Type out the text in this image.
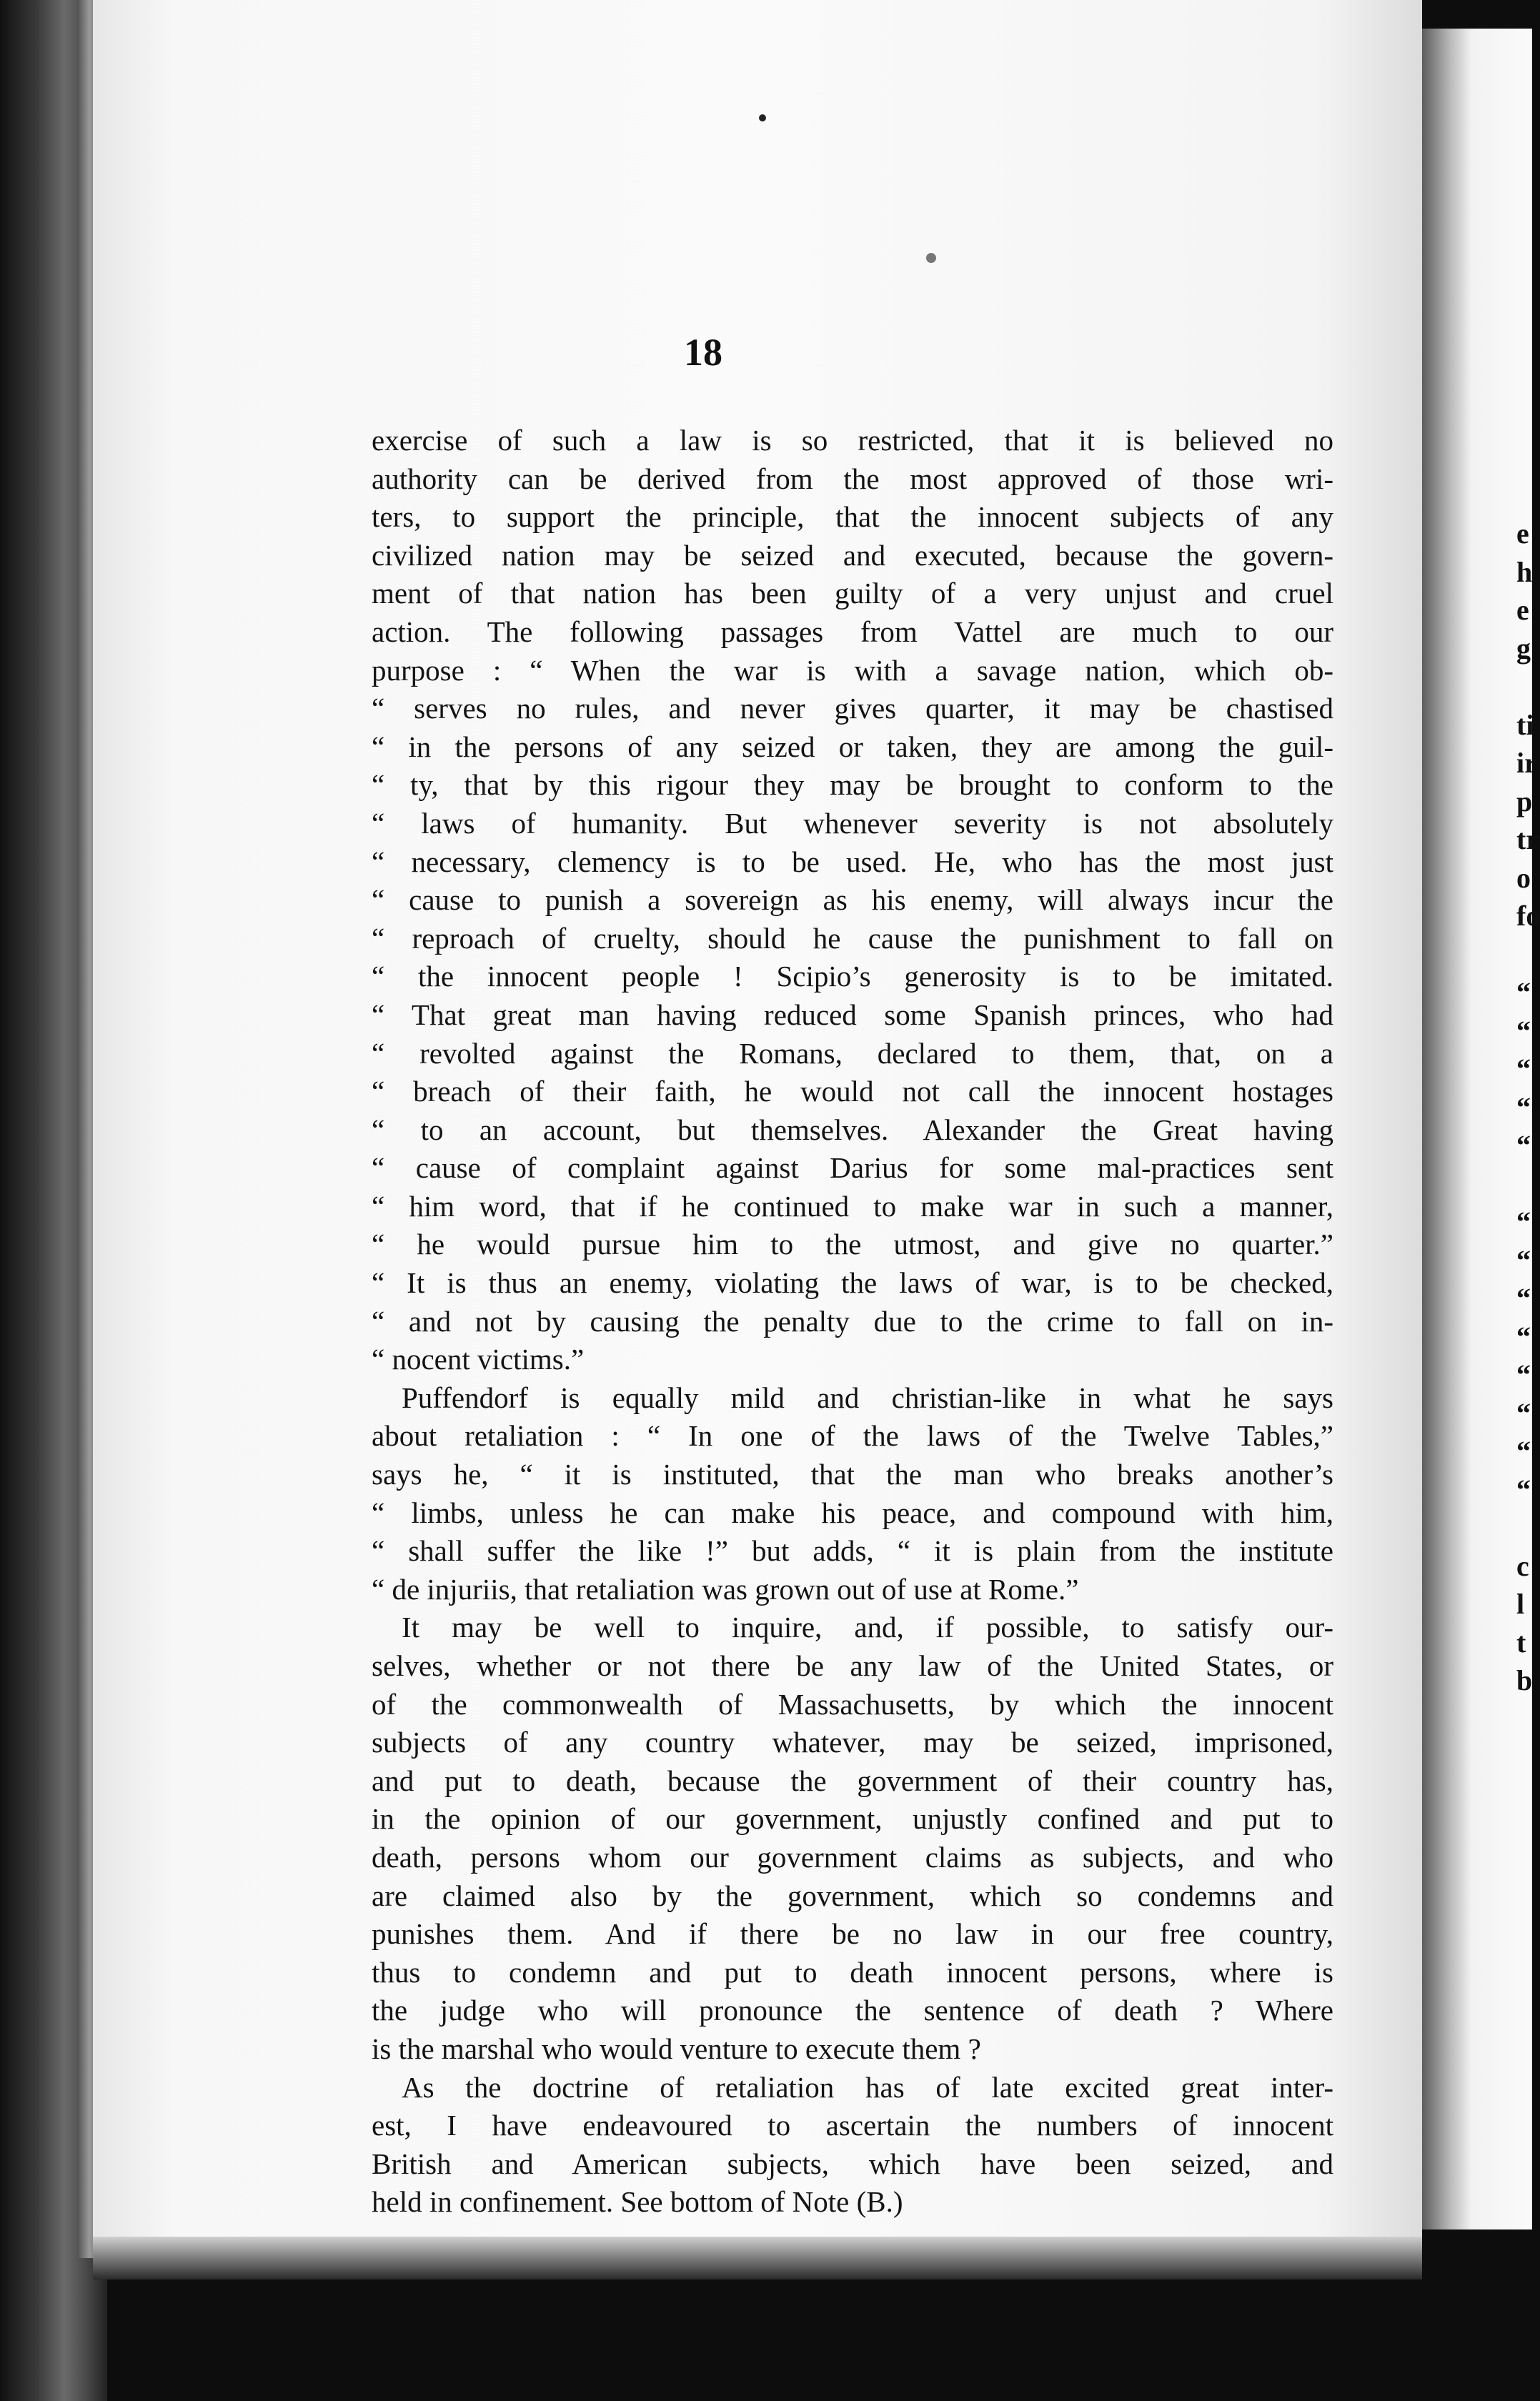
e
h
e
g

ti
ir
p
tr
o
fo

“
“
“
“
“

“
“
“
“
“
“
“
“

c
l
t
b
18
exercise of such a law is so restricted, that it is believed no
authority can be derived from the most approved of those wri-
ters, to support the principle, that the innocent subjects of any
civilized nation may be seized and executed, because the govern-
ment of that nation has been guilty of a very unjust and cruel
action. The following passages from Vattel are much to our
purpose : “ When the war is with a savage nation, which ob-
“ serves no rules, and never gives quarter, it may be chastised
“ in the persons of any seized or taken, they are among the guil-
“ ty, that by this rigour they may be brought to conform to the
“ laws of humanity. But whenever severity is not absolutely
“ necessary, clemency is to be used. He, who has the most just
“ cause to punish a sovereign as his enemy, will always incur the
“ reproach of cruelty, should he cause the punishment to fall on
“ the innocent people ! Scipio’s generosity is to be imitated.
“ That great man having reduced some Spanish princes, who had
“ revolted against the Romans, declared to them, that, on a
“ breach of their faith, he would not call the innocent hostages
“ to an account, but themselves. Alexander the Great having
“ cause of complaint against Darius for some mal-practices sent
“ him word, that if he continued to make war in such a manner,
“ he would pursue him to the utmost, and give no quarter.”
“ It is thus an enemy, violating the laws of war, is to be checked,
“ and not by causing the penalty due to the crime to fall on in-
“ nocent victims.”
Puffendorf is equally mild and christian-like in what he says
about retaliation : “ In one of the laws of the Twelve Tables,”
says he, “ it is instituted, that the man who breaks another’s
“ limbs, unless he can make his peace, and compound with him,
“ shall suffer the like !” but adds, “ it is plain from the institute
“ de injuriis, that retaliation was grown out of use at Rome.”
It may be well to inquire, and, if possible, to satisfy our-
selves, whether or not there be any law of the United States, or
of the commonwealth of Massachusetts, by which the innocent
subjects of any country whatever, may be seized, imprisoned,
and put to death, because the government of their country has,
in the opinion of our government, unjustly confined and put to
death, persons whom our government claims as subjects, and who
are claimed also by the government, which so condemns and
punishes them. And if there be no law in our free country,
thus to condemn and put to death innocent persons, where is
the judge who will pronounce the sentence of death ? Where
is the marshal who would venture to execute them ?
As the doctrine of retaliation has of late excited great inter-
est, I have endeavoured to ascertain the numbers of innocent
British and American subjects, which have been seized, and
held in confinement. See bottom of Note (B.)
